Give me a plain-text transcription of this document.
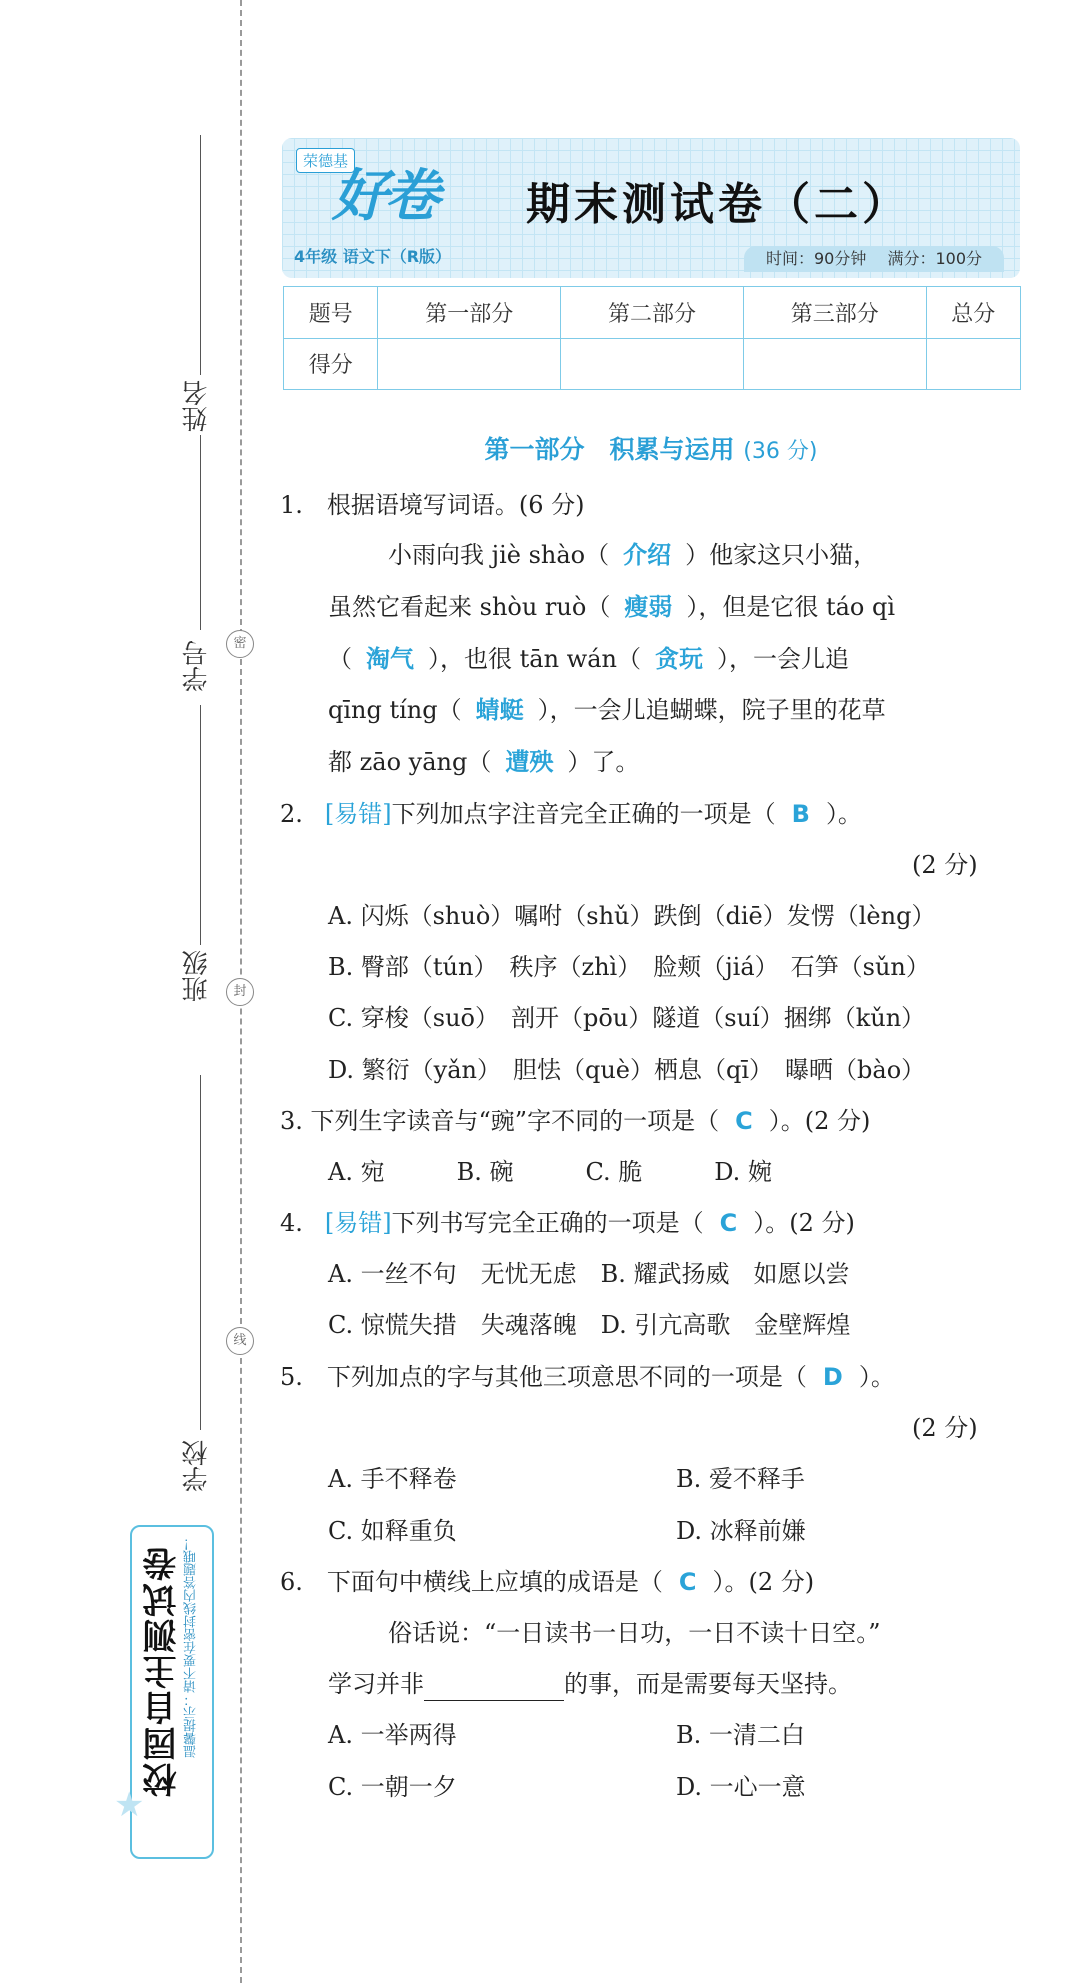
密
封
线
姓名
学号
班级
学校
校园自主测试卷 温馨提示：请不要在密封线内答题哦！
★
荣德基
好卷
4年级 语文下（R版）
期末测试卷（二）
时间：90分钟 满分：100分
题号	第一部分	第二部分	第三部分	总分
得分				
第一部分　积累与运用 (36 分)
1.　根据语境写词语。(6 分)
小雨向我 jiè shào（ 介绍 ）他家这只小猫，
虽然它看起来 shòu ruò（ 瘦弱 ），但是它很 táo qì
（ 淘气 ），也很 tān wán（ 贪玩 ），一会儿追
qīng tíng（ 蜻蜓 ），一会儿追蝴蝶，院子里的花草
都 zāo yāng（ 遭殃 ）了。
2. [易错]下列加点字注音完全正确的一项是（ B ）。
(2 分)
A. 闪烁（shuò）嘱咐（shǔ）跌倒（diē）发愣（lèng）
B. 臀部（tún）　秩序（zhì）　脸颊（jiá）　石笋（sǔn）
C. 穿梭（suō）　剖开（pōu）隧道（suí）捆绑（kǔn）
D. 繁衍（yǎn）　胆怯（què）栖息（qī）　曝晒（bào）
3. 下列生字读音与“豌”字不同的一项是（ C ）。(2 分)
A. 宛　　　B. 碗　　　C. 脆　　　D. 婉
4. [易错]下列书写完全正确的一项是（ C ）。(2 分)
A. 一丝不句　无忧无虑　B. 耀武扬威　如愿以尝
C. 惊慌失措　失魂落魄　D. 引亢高歌　金壁辉煌
5.　下列加点的字与其他三项意思不同的一项是（ D ）。
(2 分)
A. 手不释卷	B. 爱不释手
C. 如释重负	D. 冰释前嫌
6.　下面句中横线上应填的成语是（ C ）。(2 分)
俗话说：“一日读书一日功，一日不读十日空。”
学习并非	的事，而是需要每天坚持。
A. 一举两得	B. 一清二白
C. 一朝一夕	D. 一心一意
